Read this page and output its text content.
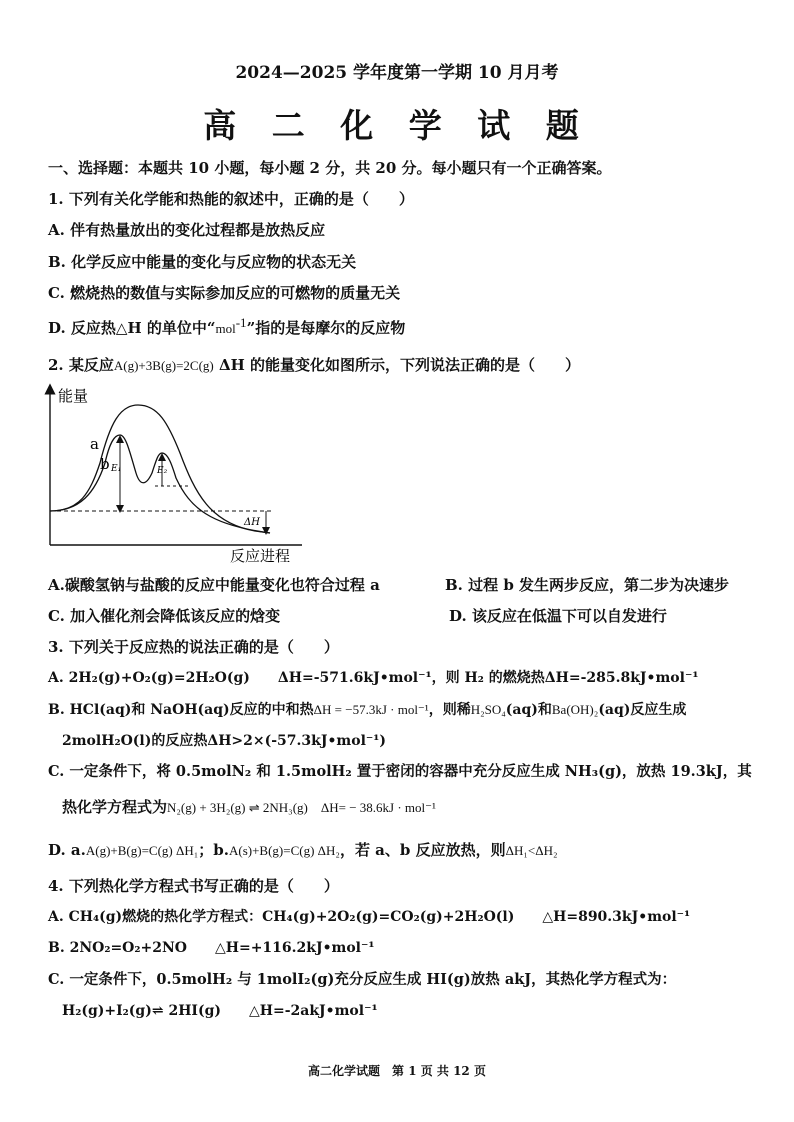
2024—2025 学年度第一学期 10 月月考
高 二 化 学 试 题
一、选择题：本题共 10 小题，每小题 2 分，共 20 分。每小题只有一个正确答案。
1. 下列有关化学能和热能的叙述中，正确的是（　　）
A. 伴有热量放出的变化过程都是放热反应
B. 化学反应中能量的变化与反应物的状态无关
C. 燃烧热的数值与实际参加反应的可燃物的质量无关
D. 反应热△H 的单位中“mol$^{-1}$”指的是每摩尔的反应物
2. 某反应A(g)+3B(g)=2C(g) ΔH 的能量变化如图所示，下列说法正确的是（　　）
能量
反应进程
a
b E₁	E₂
ΔH
A.碳酸氢钠与盐酸的反应中能量变化也符合过程 a	B. 过程 b 发生两步反应，第二步为决速步
C. 加入催化剂会降低该反应的焓变	D. 该反应在低温下可以自发进行
3. 下列关于反应热的说法正确的是（　　）
A. 2H₂(g)+O₂(g)=2H₂O(g)　　ΔH=-571.6kJ•mol⁻¹，则 H₂ 的燃烧热ΔH=-285.8kJ•mol⁻¹
B. HCl(aq)和 NaOH(aq)反应的中和热ΔH = −57.3kJ · mol⁻¹，则稀H₂SO₄(aq)和Ba(OH)₂(aq)反应生成
2molH₂O(l)的反应热ΔH>2×(-57.3kJ•mol⁻¹)
C. 一定条件下，将 0.5molN₂ 和 1.5molH₂ 置于密闭的容器中充分反应生成 NH₃(g)，放热 19.3kJ，其
热化学方程式为N₂(g) + 3H₂(g) ⇌ 2NH₃(g)　ΔH= − 38.6kJ · mol⁻¹
D. a.A(g)+B(g)=C(g) ΔH₁；b.A(s)+B(g)=C(g) ΔH₂，若 a、b 反应放热，则ΔH₁<ΔH₂
4. 下列热化学方程式书写正确的是（　　）
A. CH₄(g)燃烧的热化学方程式：CH₄(g)+2O₂(g)=CO₂(g)+2H₂O(l)　　△H=890.3kJ•mol⁻¹
B. 2NO₂=O₂+2NO　　△H=+116.2kJ•mol⁻¹
C. 一定条件下，0.5molH₂ 与 1molI₂(g)充分反应生成 HI(g)放热 akJ，其热化学方程式为：
H₂(g)+I₂(g)⇌ 2HI(g)　　△H=-2akJ•mol⁻¹
高二化学试题　第 1 页 共 12 页
